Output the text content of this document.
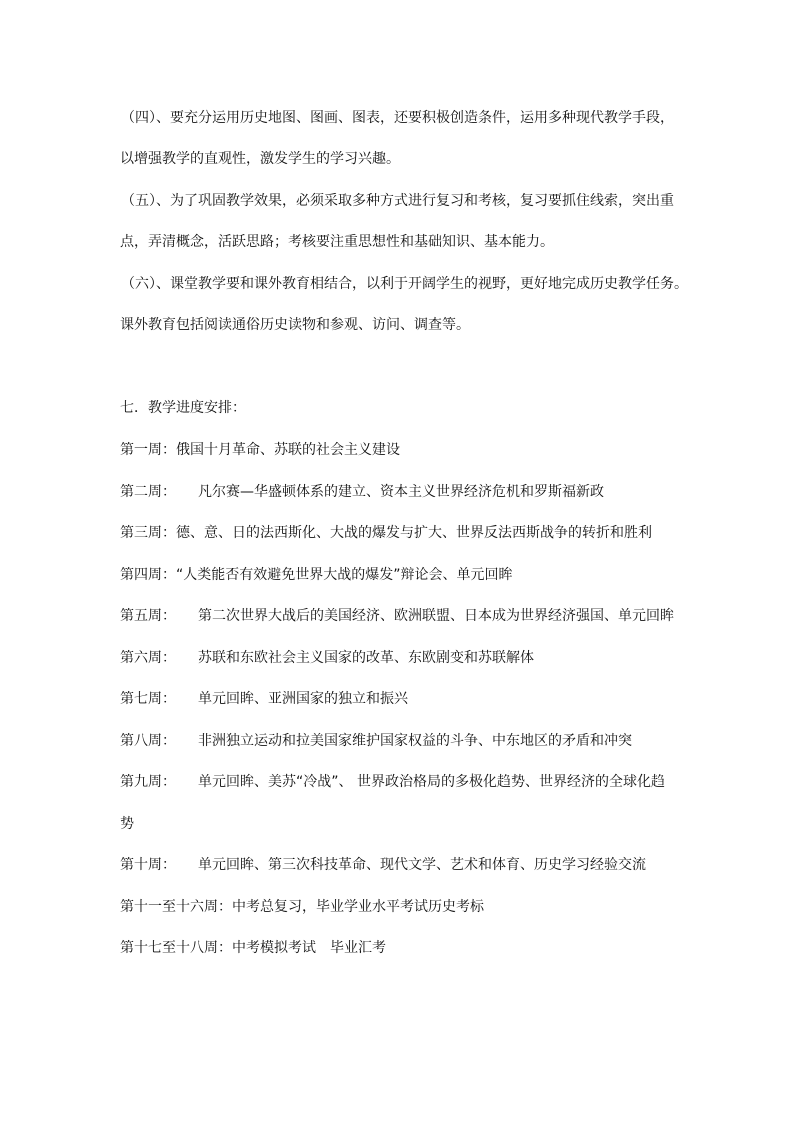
（四）、要充分运用历史地图、图画、图表，还要积极创造条件，运用多种现代教学手段，
以增强教学的直观性，激发学生的学习兴趣。
（五）、为了巩固教学效果，必须采取多种方式进行复习和考核，复习要抓住线索，突出重
点，弄清概念，活跃思路；考核要注重思想性和基础知识、基本能力。
（六）、课堂教学要和课外教育相结合，以利于开阔学生的视野，更好地完成历史教学任务。
课外教育包括阅读通俗历史读物和参观、访问、调查等。
七．教学进度安排：
第一周：俄国十月革命、苏联的社会主义建设
第二周： 凡尔赛—华盛顿体系的建立、资本主义世界经济危机和罗斯福新政
第三周：德、意、日的法西斯化、大战的爆发与扩大、世界反法西斯战争的转折和胜利
第四周：“人类能否有效避免世界大战的爆发”辩论会、单元回眸
第五周： 第二次世界大战后的美国经济、欧洲联盟、日本成为世界经济强国、单元回眸
第六周： 苏联和东欧社会主义国家的改革、东欧剧变和苏联解体
第七周： 单元回眸、亚洲国家的独立和振兴
第八周： 非洲独立运动和拉美国家维护国家权益的斗争、中东地区的矛盾和冲突
第九周： 单元回眸、美苏“冷战”、 世界政治格局的多极化趋势、世界经济的全球化趋
势
第十周： 单元回眸、第三次科技革命、现代文学、艺术和体育、历史学习经验交流
第十一至十六周：中考总复习，毕业学业水平考试历史考标
第十七至十八周：中考模拟考试　毕业汇考
